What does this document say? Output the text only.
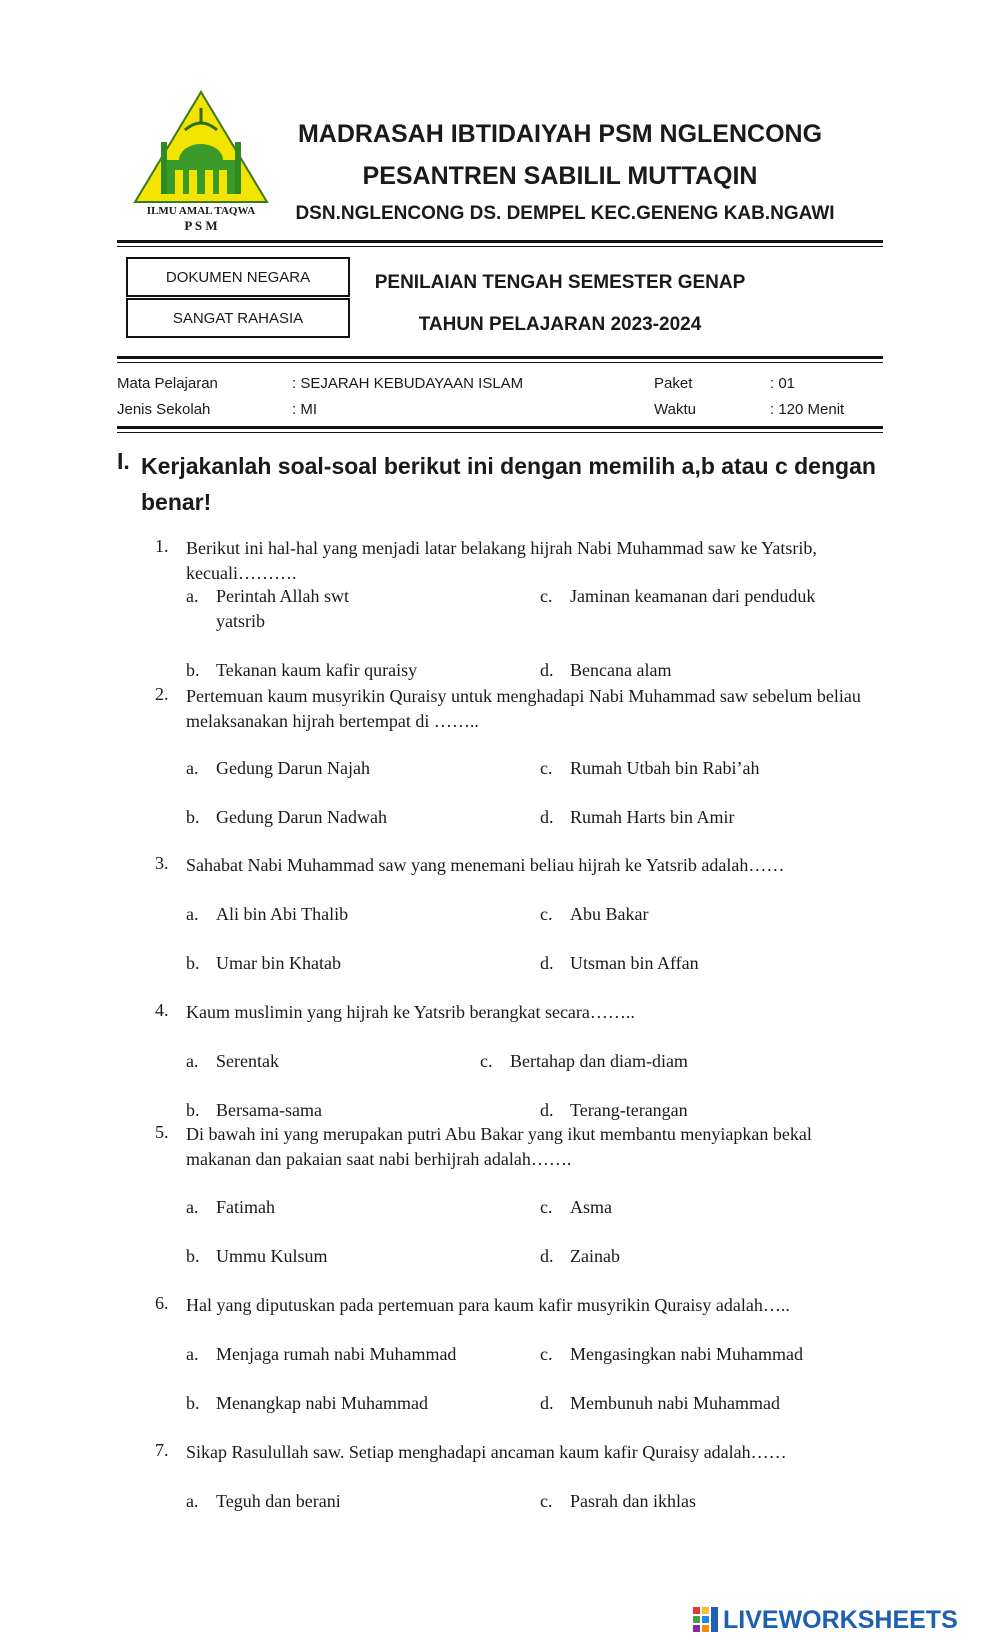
ILMU AMAL TAQWA
P S M
MADRASAH IBTIDAIYAH PSM NGLENCONG
PESANTREN SABILIL MUTTAQIN
DSN.NGLENCONG DS. DEMPEL KEC.GENENG KAB.NGAWI
DOKUMEN NEGARA
SANGAT RAHASIA
PENILAIAN TENGAH SEMESTER GENAP
TAHUN PELAJARAN 2023-2024
Mata Pelajaran	: SEJARAH KEBUDAYAAN ISLAM	Paket	: 01
Jenis Sekolah	: MI	Waktu	: 120 Menit
I. Kerjakanlah soal-soal berikut ini dengan memilih a,b atau c dengan benar!
1. Berikut ini hal-hal yang menjadi latar belakang hijrah Nabi Muhammad saw ke Yatsrib, kecuali……….
a. Perintah Allah swt	c. Jaminan keamanan dari penduduk
yatsrib
b. Tekanan kaum kafir quraisy	d. Bencana alam
2. Pertemuan kaum musyrikin Quraisy untuk menghadapi Nabi Muhammad saw sebelum beliau melaksanakan hijrah bertempat di ……..
a. Gedung Darun Najah	c. Rumah Utbah bin Rabi’ah
b. Gedung Darun Nadwah	d. Rumah Harts bin Amir
3. Sahabat Nabi Muhammad saw yang menemani beliau hijrah ke Yatsrib adalah……
a. Ali bin Abi Thalib	c. Abu Bakar
b. Umar bin Khatab	d. Utsman bin Affan
4. Kaum muslimin yang hijrah ke Yatsrib berangkat secara……..
a. Serentak	c. Bertahap dan diam-diam
b. Bersama-sama	d. Terang-terangan
5. Di bawah ini yang merupakan putri Abu Bakar yang ikut membantu menyiapkan bekal makanan dan pakaian saat nabi berhijrah adalah…….
a. Fatimah	c. Asma
b. Ummu Kulsum	d. Zainab
6. Hal yang diputuskan pada pertemuan para kaum kafir musyrikin Quraisy adalah…..
a. Menjaga rumah nabi Muhammad	c. Mengasingkan nabi Muhammad
b. Menangkap nabi Muhammad	d. Membunuh nabi Muhammad
7. Sikap Rasulullah saw. Setiap menghadapi ancaman kaum kafir Quraisy adalah……
a. Teguh dan berani	c. Pasrah dan ikhlas
LIVEWORKSHEETS
